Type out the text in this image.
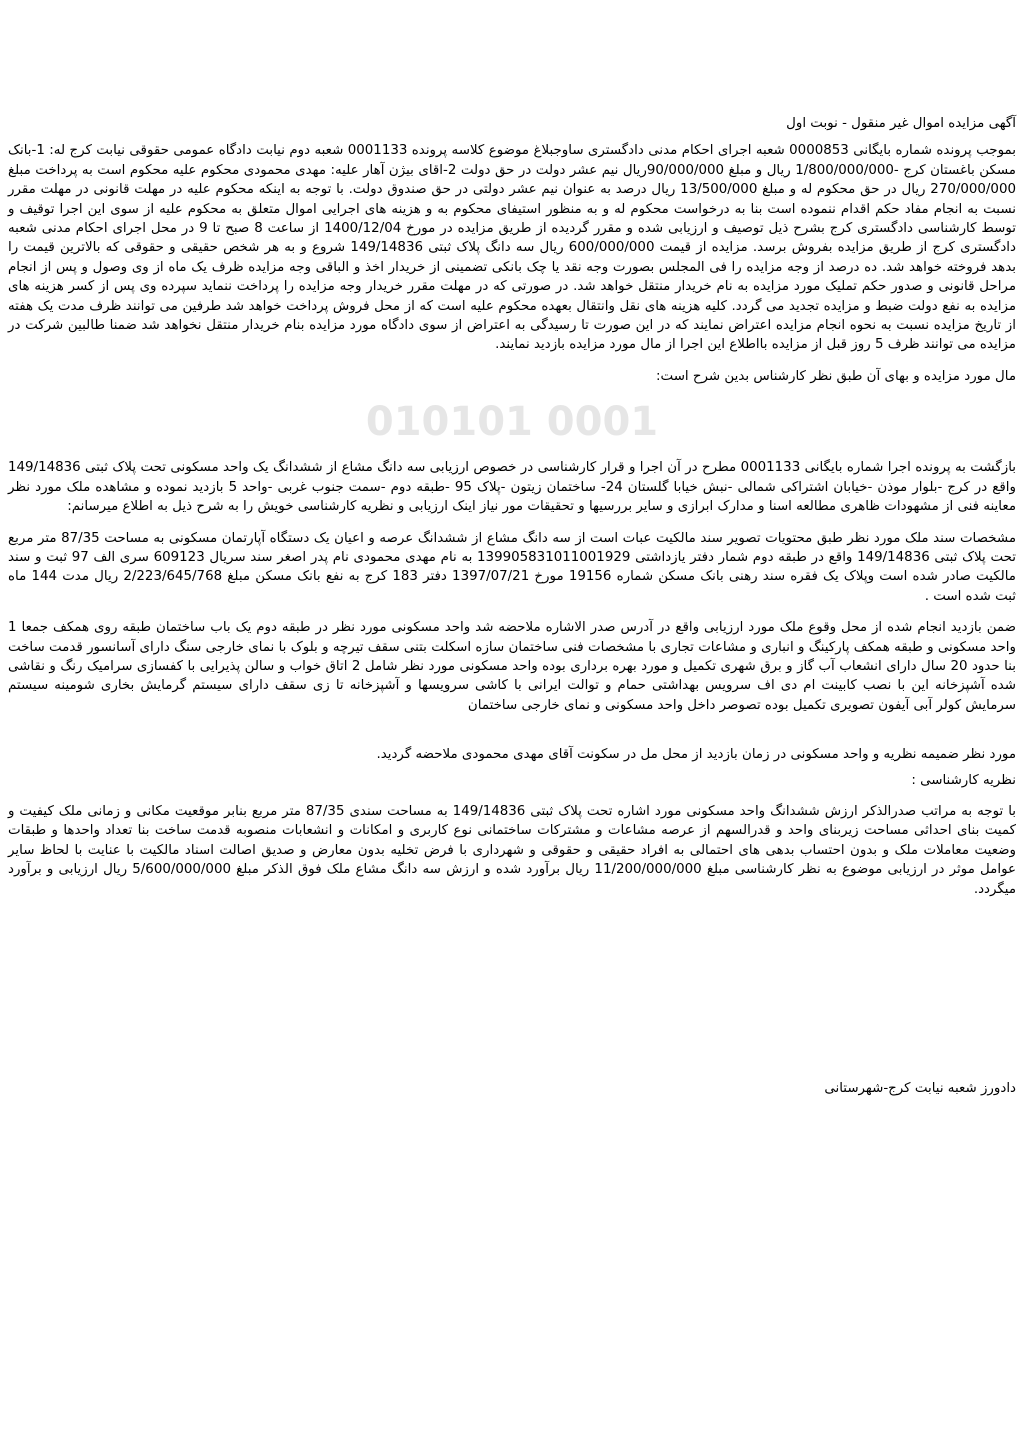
آگهی مزایده اموال غیر منقول - نوبت اول

بموجب پرونده شماره بایگانی 0000853 شعبه اجرای احکام مدنی دادگستری ساوجبلاغ موضوع کلاسه پرونده 0001133 شعبه دوم نیابت دادگاه عمومی حقوقی نیابت کرج له: 1-بانک مسکن باغستان کرج -1/800/000/000 ریال و مبلغ 90/000/000ریال نیم عشر دولت در حق دولت 2-اقای بیژن آهار علیه: مهدی محمودی محکوم علیه محکوم است به پرداخت مبلغ 270/000/000 ریال در حق محکوم له و مبلغ 13/500/000 ریال درصد به عنوان نیم عشر دولتی در حق صندوق دولت. با توجه به اینکه محکوم علیه در مهلت قانونی در مهلت مقرر نسبت به انجام مفاد حکم اقدام ننموده است بنا به درخواست محکوم له و به منظور استیفای محکوم به و هزینه های اجرایی اموال متعلق به محکوم علیه از سوی این اجرا توقیف و توسط کارشناسی دادگستری کرج بشرح ذیل توصیف و ارزیابی شده و مقرر گردیده از طریق مزایده در مورخ 1400/12/04 از ساعت 8 صبح تا 9 در محل اجرای احکام مدنی شعبه دادگستری کرج از طریق مزایده بفروش برسد. مزایده از قیمت 600/000/000 ریال سه دانگ پلاک ثبتی 149/14836 شروع و به هر شخص حقیقی و حقوقی که بالاترین قیمت را بدهد فروخته خواهد شد. ده درصد از وجه مزایده را فی المجلس بصورت وجه نقد یا چک بانکی تضمینی از خریدار اخذ و الباقی وجه مزایده ظرف یک ماه از وی وصول و پس از انجام مراحل قانونی و صدور حکم تملیک مورد مزایده به نام خریدار منتقل خواهد شد. در صورتی که در مهلت مقرر خریدار وجه مزایده را پرداخت ننماید سپرده وی پس از کسر هزینه های مزایده به نفع دولت ضبط و مزایده تجدید می گردد. کلیه هزینه های نقل وانتقال بعهده محکوم علیه است که از محل فروش پرداخت خواهد شد طرفین می توانند ظرف مدت یک هفته از تاریخ مزایده نسبت به نحوه انجام مزایده اعتراض نمایند که در این صورت تا رسیدگی به اعتراض از سوی دادگاه مورد مزایده بنام خریدار منتقل نخواهد شد ضمنا طالبین شرکت در مزایده می توانند ظرف 5 روز قبل از مزایده بااطلاع این اجرا از مال مورد مزایده بازدید نمایند.

مال مورد مزایده و بهای آن طبق نظر کارشناس بدین شرح است:

010101 0001

بازگشت به پرونده اجرا شماره بایگانی 0001133 مطرح در آن اجرا و قرار کارشناسی در خصوص ارزیابی سه دانگ مشاع از ششدانگ یک واحد مسکونی تحت پلاک ثبتی 149/14836 واقع در کرج -بلوار موذن -خیابان اشتراکی شمالی -نبش خیابا گلستان 24- ساختمان زیتون -پلاک 95 -طبقه دوم -سمت جنوب غربی -واحد 5 بازدید نموده و مشاهده ملک مورد نظر معاینه فنی از مشهودات ظاهری مطالعه اسنا و مدارک ابرازی و سایر بررسیها و تحقیقات مور نیاز اینک ارزیابی و نظریه کارشناسی خویش را به شرح ذیل به اطلاع میرسانم:

مشخصات سند ملک مورد نظر طبق محتویات تصویر سند مالکیت عبات است از سه دانگ مشاع از ششدانگ عرصه و اعیان یک دستگاه آپارتمان مسکونی به مساحت 87/35 متر مربع تحت پلاک ثبتی 149/14836 واقع در طبقه دوم شمار دفتر یازداشتی 139905831011001929 به نام مهدی محمودی نام پدر اصغر سند سریال 609123 سری الف 97 ثبت و سند مالکیت صادر شده است وپلاک یک فقره سند رهنی بانک مسکن شماره 19156 مورخ 1397/07/21 دفتر 183 کرج به نفع بانک مسکن مبلغ 2/223/645/768 ریال مدت 144 ماه ثبت شده است .

ضمن بازدید انجام شده از محل وقوع ملک مورد ارزیابی واقع در آدرس صدر الاشاره ملاحضه شد واحد مسکونی مورد نظر در طبقه دوم یک باب ساختمان طبقه روی همکف جمعا 1 واحد مسکونی و طبقه همکف پارکینگ و انباری و مشاعات تجاری با مشخصات فنی ساختمان سازه اسکلت بتنی سقف تیرچه و بلوک با نمای خارجی سنگ دارای آسانسور قدمت ساخت بنا حدود 20 سال دارای انشعاب آب گاز و برق شهری تکمیل و مورد بهره برداری بوده واحد مسکونی مورد نظر شامل 2 اتاق خواب و سالن پذیرایی با کفسازی سرامیک رنگ و نقاشی شده آشپزخانه این با نصب کابینت ام دی اف سرویس بهداشتی حمام و توالت ایرانی با کاشی سرویسها و آشپزخانه تا زی سقف دارای سیستم گرمایش بخاری شومینه سیستم سرمایش کولر آبی آیفون تصویری تکمیل بوده تصوصر داخل واحد مسکونی و نمای خارجی ساختمان

مورد نظر ضمیمه نظریه و واحد مسکونی در زمان بازدید از محل مل در سکونت آقای مهدی محمودی ملاحضه گردید.

نظریه کارشناسی :

با توجه به مراتب صدرالذکر ارزش ششدانگ واحد مسکونی مورد اشاره تحت پلاک ثبتی 149/14836 به مساحت سندی 87/35 متر مربع بنابر موقعیت مکانی و زمانی ملک کیفیت و کمیت بنای احداثی مساحت زیربنای واحد و قدرالسهم از عرصه مشاعات و مشترکات ساختمانی نوع کاربری و امکانات و انشعابات منصوبه قدمت ساخت بنا تعداد واحدها و طبقات وضعیت معاملات ملک و بدون احتساب بدهی های احتمالی به افراد حقیقی و حقوقی و شهرداری با فرض تخلیه بدون معارض و صدیق اصالت اسناد مالکیت با عنایت با لحاظ سایر عوامل موثر در ارزیابی موضوع به نظر کارشناسی مبلغ 11/200/000/000 ریال برآورد شده و ارزش سه دانگ مشاع ملک فوق الذکر مبلغ 5/600/000/000 ریال ارزیابی و برآورد میگردد.

دادورز شعبه نیابت کرج-شهرستانی
